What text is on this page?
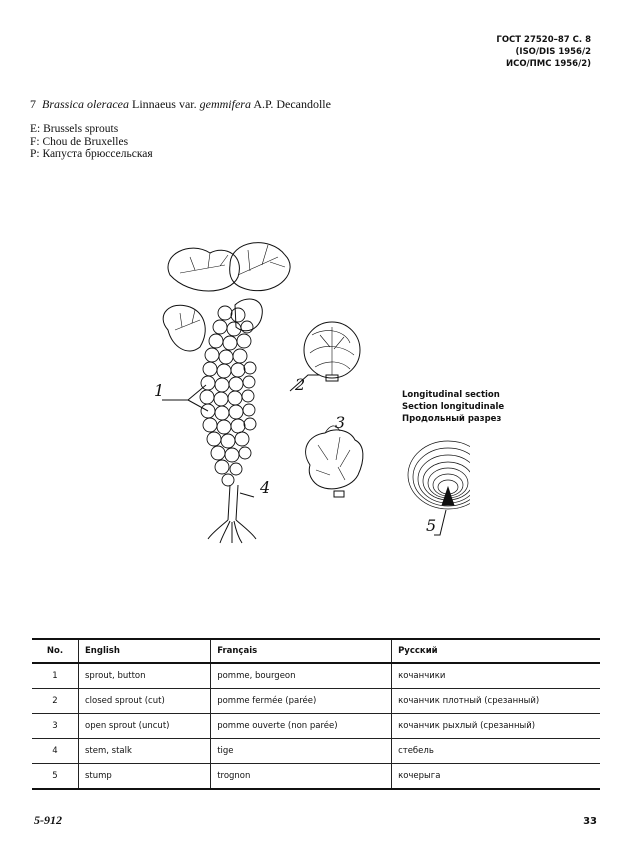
ГОСТ 27520–87 С. 8
(ISO/DIS 1956/2
ИСО/ПМС 1956/2)
7 Brassica oleracea Linnaeus var. gemmifera A.P. Decandolle
E: Brussels sprouts
F: Chou de Bruxelles
P: Капуста брюссельская
1	2
3
4
5
Longitudinal section
Section longitudinale
Продольный разрез
No.	English	Français	Русский
1	sprout, button	pomme, bourgeon	кочанчики
2	closed sprout (cut)	pomme fermée (parée)	кочанчик плотный (срезанный)
3	open sprout (uncut)	pomme ouverte (non parée)	кочанчик рыхлый (срезанный)
4	stem, stalk	tige	стебель
5	stump	trognon	кочерыга
5-912	33
